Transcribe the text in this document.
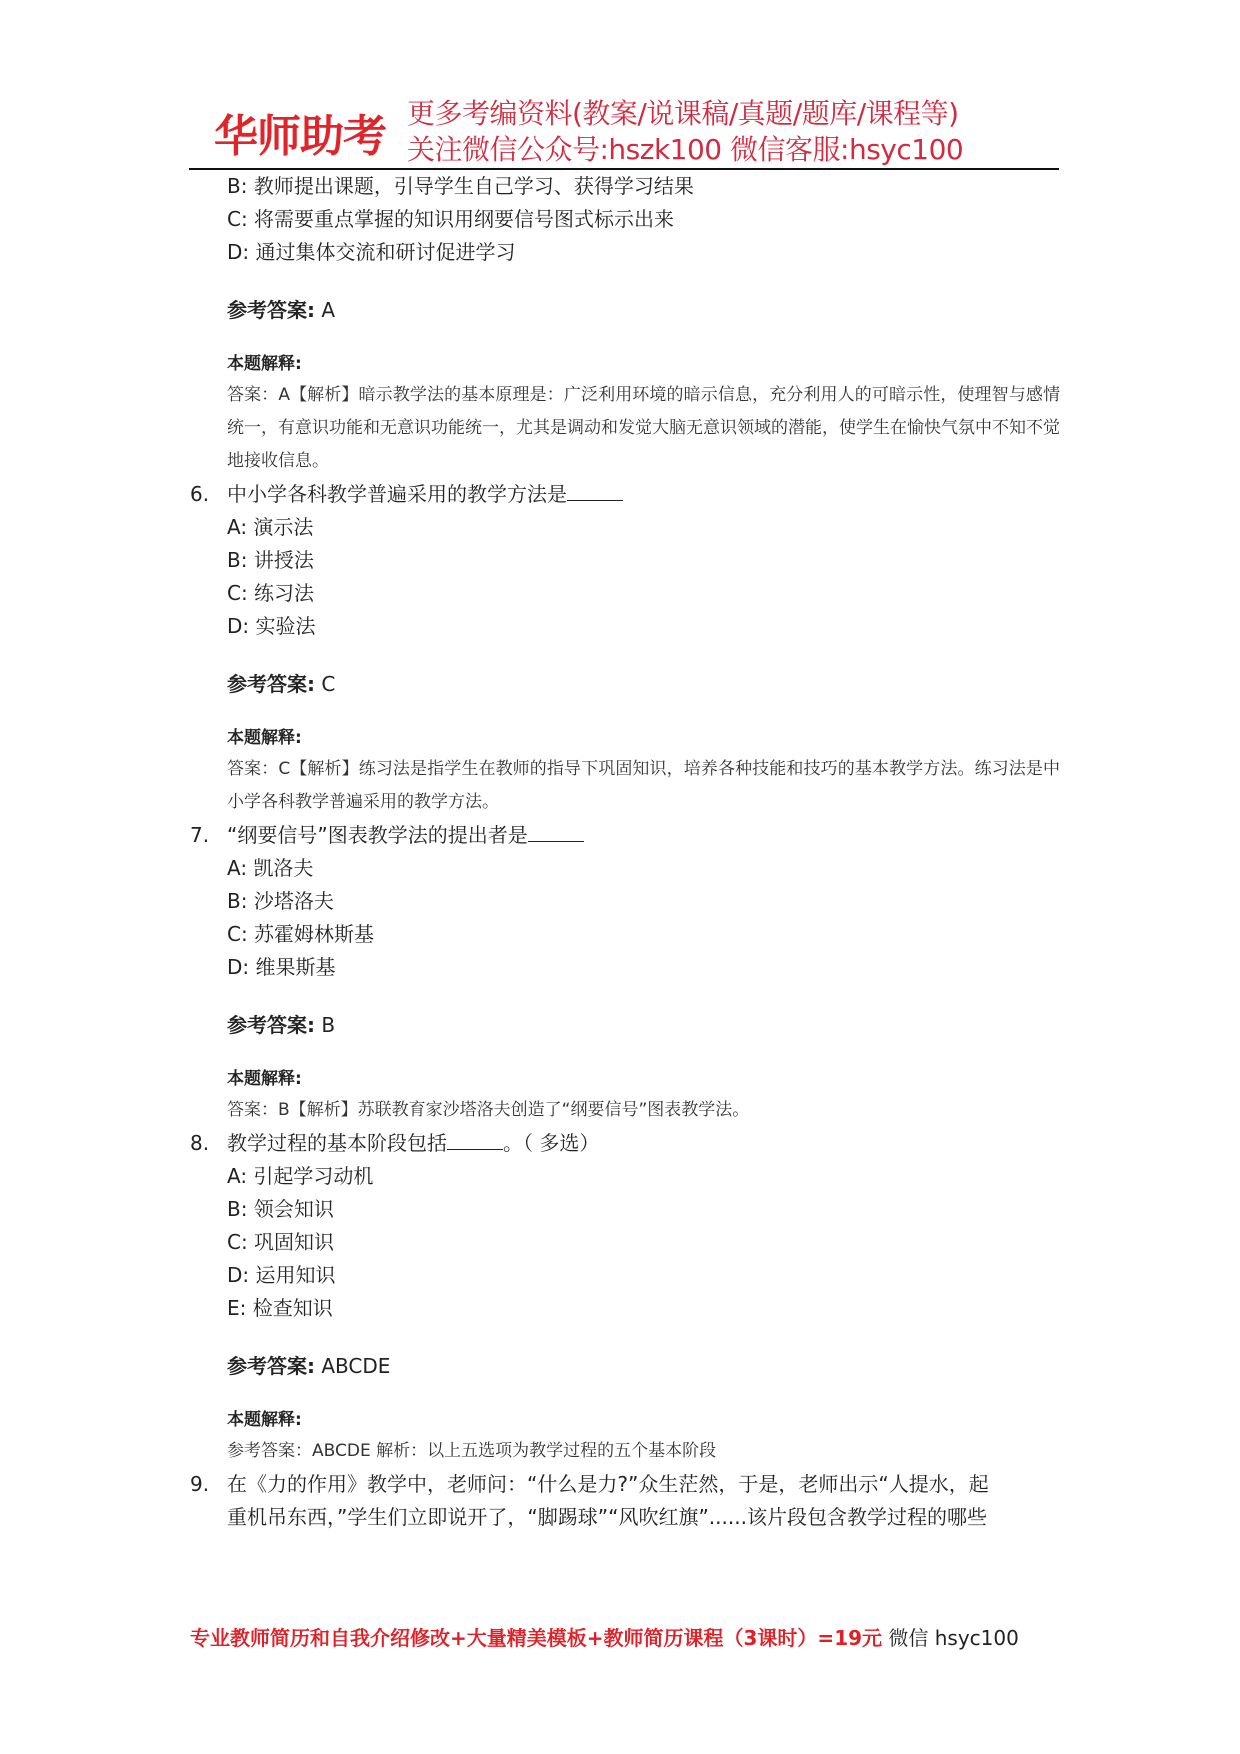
华师助考 更多考编资料(教案/说课稿/真题/题库/课程等)
关注微信公众号:hszk100 微信客服:hsyc100
B: 教师提出课题，引导学生自己学习、获得学习结果
C: 将需要重点掌握的知识用纲要信号图式标示出来
D: 通过集体交流和研讨促进学习
参考答案: A
本题解释:
答案：A【解析】暗示教学法的基本原理是：广泛利用环境的暗示信息，充分利用人的可暗示性，使理智与感情统一，有意识功能和无意识功能统一，尤其是调动和发觉大脑无意识领域的潜能，使学生在愉快气氛中不知不觉地接收信息。
6. 中小学各科教学普遍采用的教学方法是
A: 演示法
B: 讲授法
C: 练习法
D: 实验法
参考答案: C
本题解释:
答案：C【解析】练习法是指学生在教师的指导下巩固知识，培养各种技能和技巧的基本教学方法。练习法是中小学各科教学普遍采用的教学方法。
7. “纲要信号”图表教学法的提出者是
A: 凯洛夫
B: 沙塔洛夫
C: 苏霍姆林斯基
D: 维果斯基
参考答案: B
本题解释:
答案：B【解析】苏联教育家沙塔洛夫创造了“纲要信号”图表教学法。
8. 教学过程的基本阶段包括	。（ 多选）
A: 引起学习动机
B: 领会知识
C: 巩固知识
D: 运用知识
E: 检查知识
参考答案: ABCDE
本题解释:
参考答案：ABCDE 解析：以上五选项为教学过程的五个基本阶段
9. 在《力的作用》教学中，老师问：“什么是力?”众生茫然，于是，老师出示“人提水，起
重机吊东西，”学生们立即说开了，“脚踢球”“风吹红旗”......该片段包含教学过程的哪些
专业教师简历和自我介绍修改+大量精美模板+教师简历课程（3课时）=19元 微信 hsyc100
